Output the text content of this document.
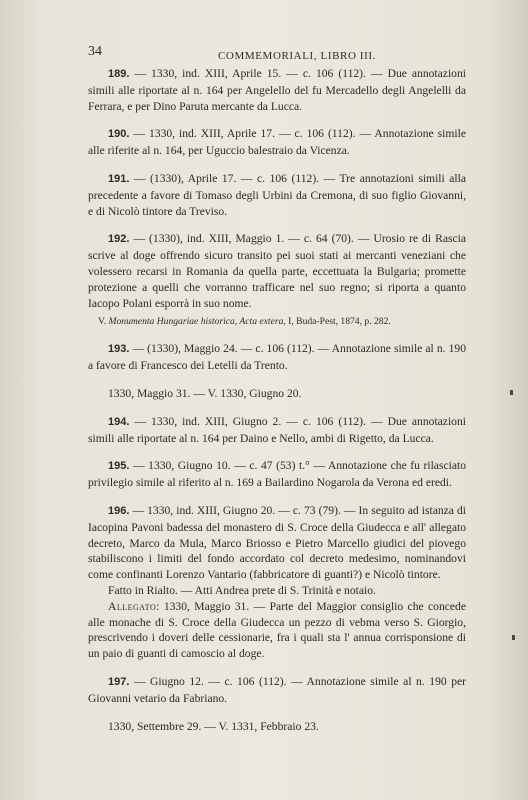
34	COMMEMORIALI, LIBRO III.
189. — 1330, ind. XIII, Aprile 15. — c. 106 (112). — Due annotazioni simili alle riportate al n. 164 per Angelello del fu Mercadello degli Angelelli da Ferrara, e per Dino Paruta mercante da Lucca.
190. — 1330, ind. XIII, Aprile 17. — c. 106 (112). — Annotazione simile alle riferite al n. 164, per Uguccio balestraio da Vicenza.
191. — (1330), Aprile 17. — c. 106 (112). — Tre annotazioni simili alla precedente a favore di Tomaso degli Urbini da Cremona, di suo figlio Giovanni, e di Nicolò tintore da Treviso.
192. — (1330), ind. XIII, Maggio 1. — c. 64 (70). — Urosio re di Rascia scrive al doge offrendo sicuro transito pei suoi stati ai mercanti veneziani che volessero recarsi in Romania da quella parte, eccettuata la Bulgaria; promette protezione a quelli che vorranno trafficare nel suo regno; si riporta a quanto Iacopo Polani esporrà in suo nome.

V. Monumenta Hungariae historica, Acta extera, I, Buda-Pest, 1874, p. 282.

193. — (1330), Maggio 24. — c. 106 (112). — Annotazione simile al n. 190 a favore di Francesco dei Letelli da Trento.

1330, Maggio 31. — V. 1330, Giugno 20.

194. — 1330, ind. XIII, Giugno 2. — c. 106 (112). — Due annotazioni simili alle riportate al n. 164 per Daino e Nello, ambi di Rigetto, da Lucca.
195. — 1330, Giugno 10. — c. 47 (53) t.° — Annotazione che fu rilasciato privilegio simile al riferito al n. 169 a Bailardino Nogarola da Verona ed eredi.

196. — 1330, ind. XIII, Giugno 20. — c. 73 (79). — In seguito ad istanza di Iacopina Pavoni badessa del monastero di S. Croce della Giudecca e all' allegato decreto, Marco da Mula, Marco Briosso e Pietro Marcello giudici del piovego stabiliscono i limiti del fondo accordato col decreto medesimo, nominandovi come confinanti Lorenzo Vantario (fabbricatore di guanti?) e Nicolò tintore.

Fatto in Rialto. — Atti Andrea prete di S. Trinità e notaio.

Allegato: 1330, Maggio 31. — Parte del Maggior consiglio che concede alle monache di S. Croce della Giudecca un pezzo di vebma verso S. Giorgio, prescrivendo i doveri delle cessionarie, fra i quali sta l' annua corrisponsione di un paio di guanti di camoscio al doge.

197. — Giugno 12. — c. 106 (112). — Annotazione simile al n. 190 per Giovanni vetario da Fabriano.

1330, Settembre 29. — V. 1331, Febbraio 23.
